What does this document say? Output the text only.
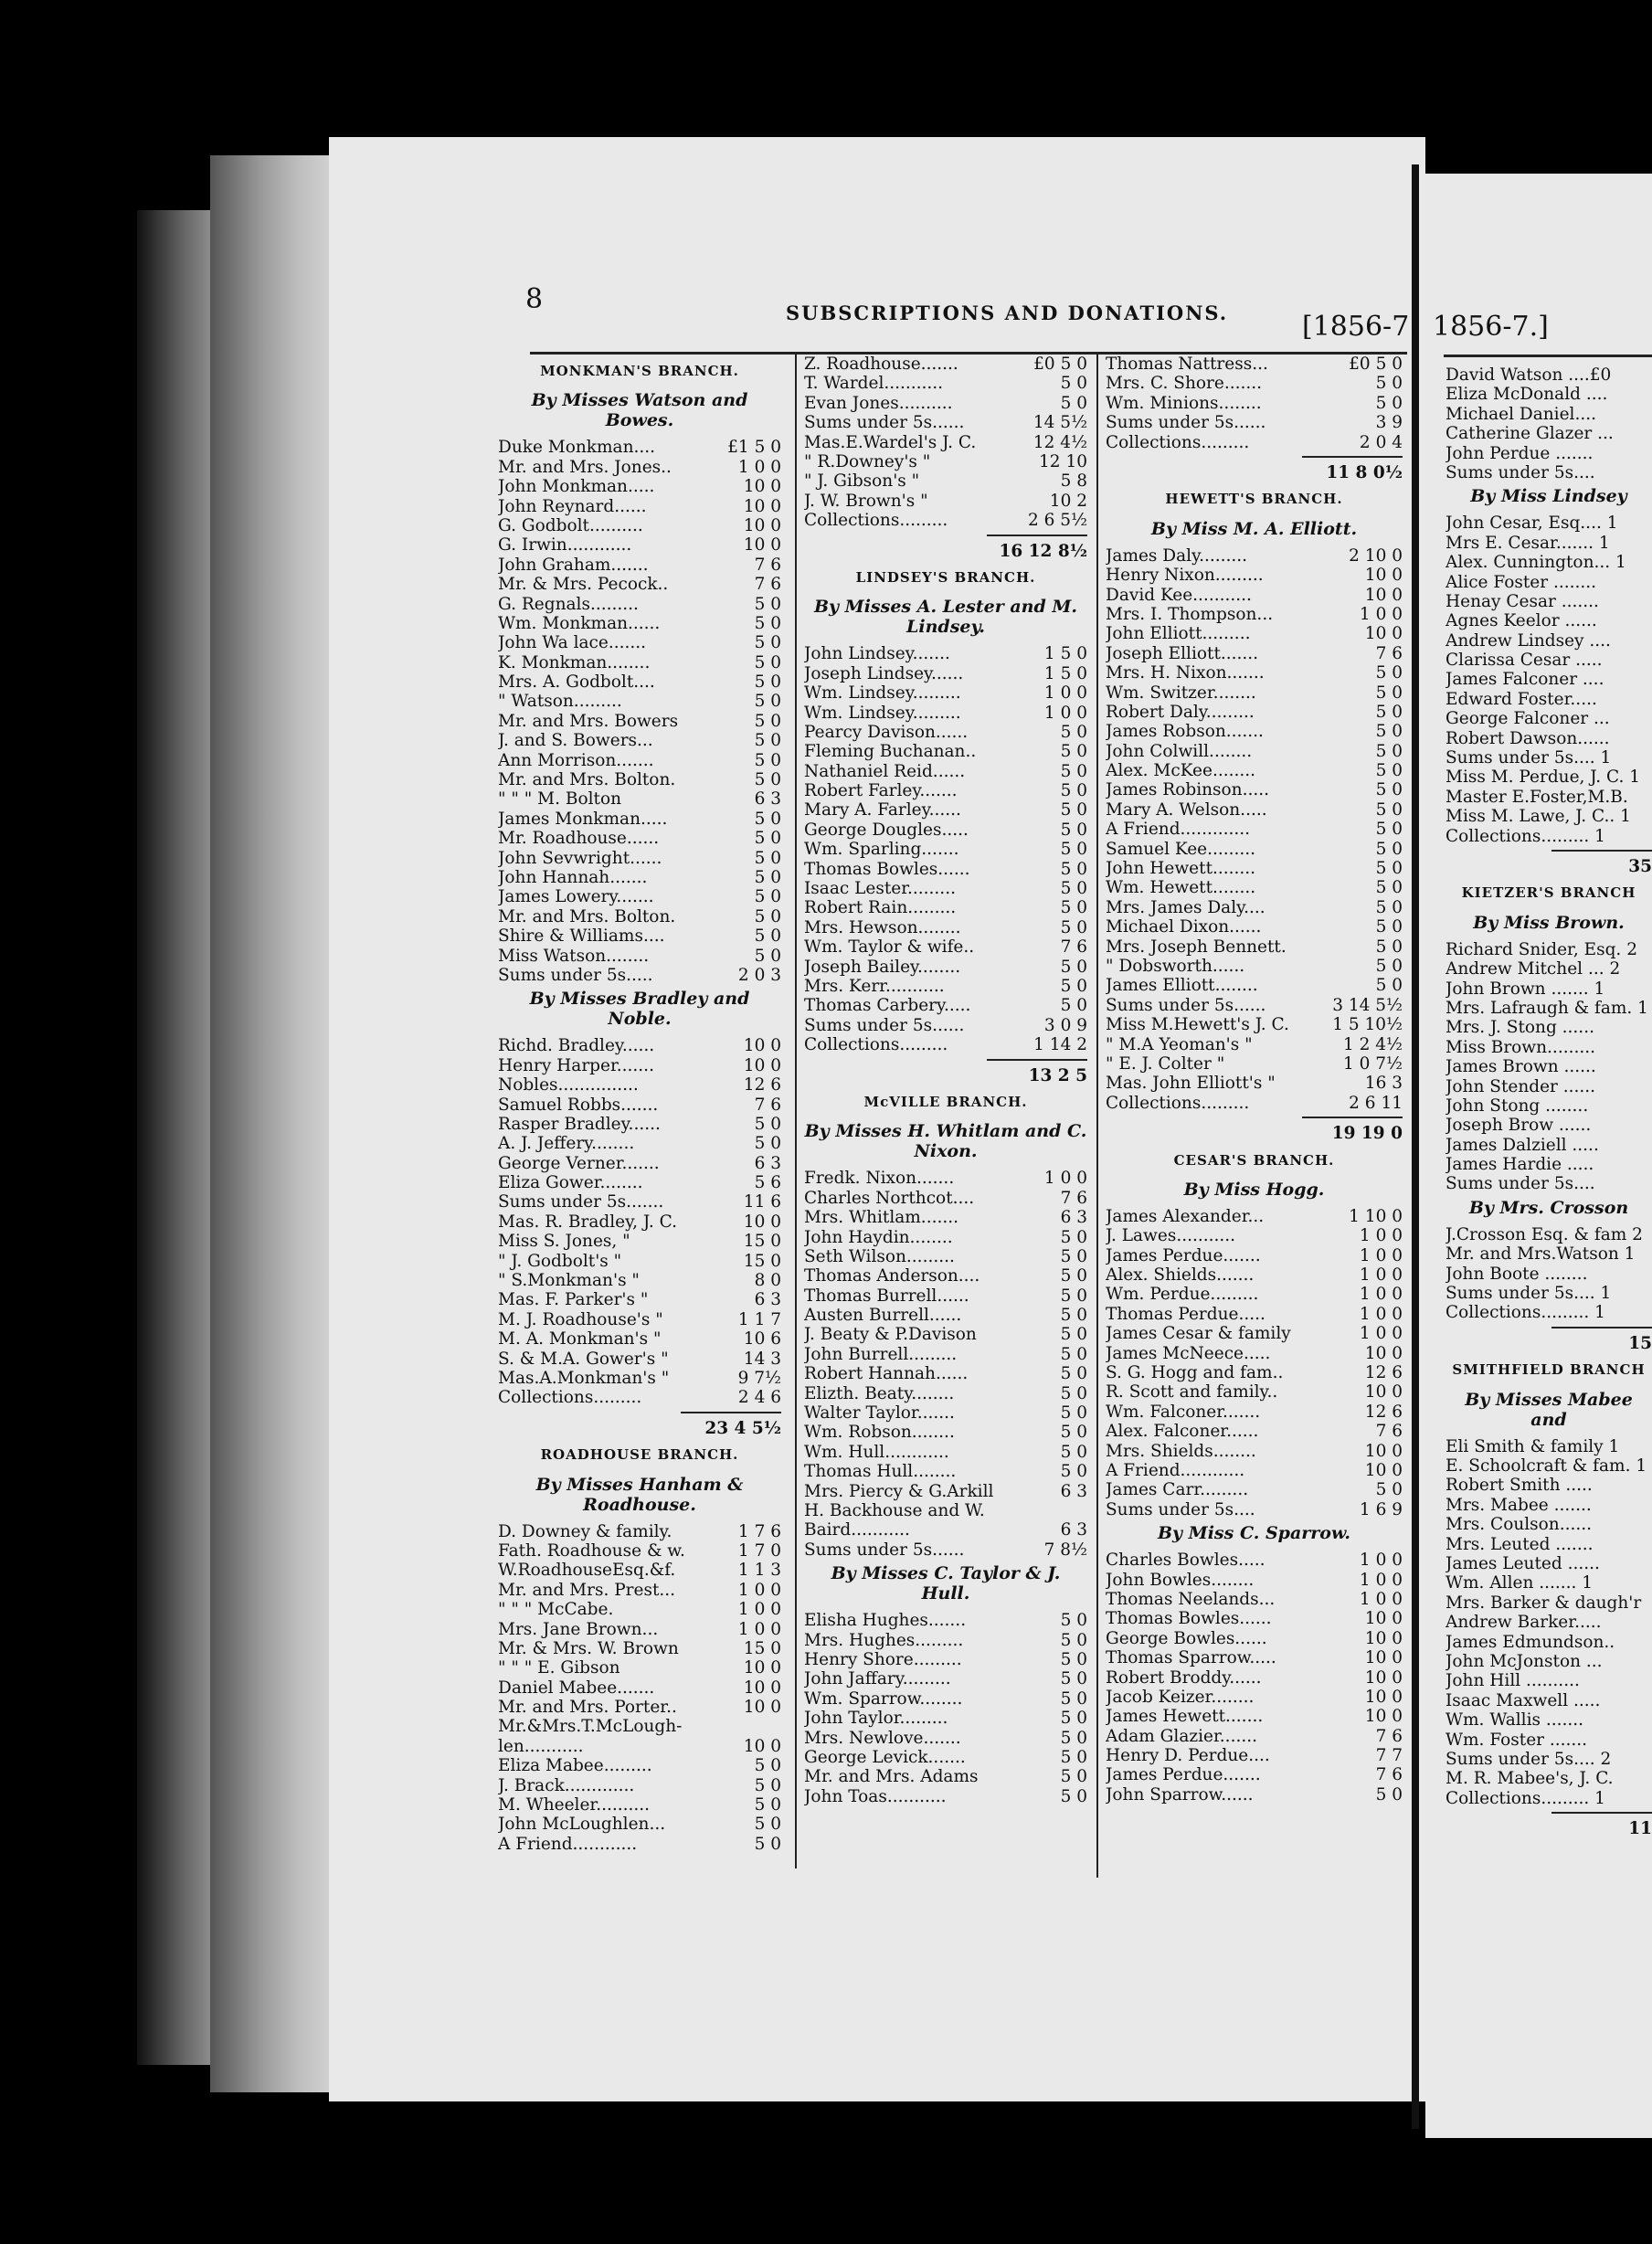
1856-7.]
8	SUBSCRIPTIONS AND DONATIONS.	[1856-7.
MONKMAN'S BRANCH.
By Misses Watson and Bowes.
Duke Monkman....	£1 5 0
Mr. and Mrs. Jones..	1 0 0
John Monkman.....	10 0
John Reynard......	10 0
G. Godbolt..........	10 0
G. Irwin............	10 0
John Graham.......	7 6
Mr. & Mrs. Pecock..	7 6
G. Regnals.........	5 0
Wm. Monkman......	5 0
John Wa lace.......	5 0
K. Monkman........	5 0
Mrs. A. Godbolt....	5 0
" Watson.........	5 0
Mr. and Mrs. Bowers	5 0
J. and S. Bowers...	5 0
Ann Morrison.......	5 0
Mr. and Mrs. Bolton.	5 0
" " " M. Bolton	6 3
James Monkman.....	5 0
Mr. Roadhouse......	5 0
John Sevwright......	5 0
John Hannah.......	5 0
James Lowery.......	5 0
Mr. and Mrs. Bolton.	5 0
Shire & Williams....	5 0
Miss Watson........	5 0
Sums under 5s.....	2 0 3
By Misses Bradley and Noble.
Richd. Bradley......	10 0
Henry Harper.......	10 0
Nobles...............	12 6
Samuel Robbs.......	7 6
Rasper Bradley......	5 0
A. J. Jeffery........	5 0
George Verner.......	6 3
Eliza Gower........	5 6
Sums under 5s.......	11 6
Mas. R. Bradley, J. C.	10 0
Miss S. Jones, "	15 0
" J. Godbolt's "	15 0
" S.Monkman's "	8 0
Mas. F. Parker's "	6 3
M. J. Roadhouse's "	1 1 7
M. A. Monkman's "	10 6
S. & M.A. Gower's "	14 3
Mas.A.Monkman's "	9 7½
Collections.........	2 4 6
23 4 5½
ROADHOUSE BRANCH.
By Misses Hanham & Roadhouse.
D. Downey & family.	1 7 6
Fath. Roadhouse & w.	1 7 0
W.RoadhouseEsq.&f.	1 1 3
Mr. and Mrs. Prest...	1 0 0
" " " McCabe.	1 0 0
Mrs. Jane Brown...	1 0 0
Mr. & Mrs. W. Brown	15 0
" " " E. Gibson	10 0
Daniel Mabee.......	10 0
Mr. and Mrs. Porter..	10 0
Mr.&Mrs.T.McLough-
len...........	10 0
Eliza Mabee.........	5 0
J. Brack.............	5 0
M. Wheeler..........	5 0
John McLoughlen...	5 0
A Friend............	5 0
Z. Roadhouse.......	£0 5 0
T. Wardel...........	5 0
Evan Jones..........	5 0
Sums under 5s......	14 5½
Mas.E.Wardel's J. C.	12 4½
" R.Downey's "	12 10
" J. Gibson's "	5 8
J. W. Brown's "	10 2
Collections.........	2 6 5½
16 12 8½
LINDSEY'S BRANCH.
By Misses A. Lester and M. Lindsey.
John Lindsey.......	1 5 0
Joseph Lindsey......	1 5 0
Wm. Lindsey.........	1 0 0
Wm. Lindsey.........	1 0 0
Pearcy Davison......	5 0
Fleming Buchanan..	5 0
Nathaniel Reid......	5 0
Robert Farley.......	5 0
Mary A. Farley......	5 0
George Dougles.....	5 0
Wm. Sparling.......	5 0
Thomas Bowles......	5 0
Isaac Lester.........	5 0
Robert Rain.........	5 0
Mrs. Hewson........	5 0
Wm. Taylor & wife..	7 6
Joseph Bailey........	5 0
Mrs. Kerr...........	5 0
Thomas Carbery.....	5 0
Sums under 5s......	3 0 9
Collections.........	1 14 2
13 2 5
McVILLE BRANCH.
By Misses H. Whitlam and C. Nixon.
Fredk. Nixon.......	1 0 0
Charles Northcot....	7 6
Mrs. Whitlam.......	6 3
John Haydin........	5 0
Seth Wilson.........	5 0
Thomas Anderson....	5 0
Thomas Burrell......	5 0
Austen Burrell......	5 0
J. Beaty & P.Davison	5 0
John Burrell.........	5 0
Robert Hannah......	5 0
Elizth. Beaty........	5 0
Walter Taylor.......	5 0
Wm. Robson........	5 0
Wm. Hull............	5 0
Thomas Hull........	5 0
Mrs. Piercy & G.Arkill	6 3
H. Backhouse and W.
Baird...........	6 3
Sums under 5s......	7 8½
By Misses C. Taylor & J. Hull.
Elisha Hughes.......	5 0
Mrs. Hughes.........	5 0
Henry Shore.........	5 0
John Jaffary.........	5 0
Wm. Sparrow........	5 0
John Taylor.........	5 0
Mrs. Newlove.......	5 0
George Levick.......	5 0
Mr. and Mrs. Adams	5 0
John Toas...........	5 0
Thomas Nattress...	£0 5 0
Mrs. C. Shore.......	5 0
Wm. Minions........	5 0
Sums under 5s......	3 9
Collections.........	2 0 4
11 8 0½
HEWETT'S BRANCH.
By Miss M. A. Elliott.
James Daly.........	2 10 0
Henry Nixon.........	10 0
David Kee...........	10 0
Mrs. I. Thompson...	1 0 0
John Elliott.........	10 0
Joseph Elliott.......	7 6
Mrs. H. Nixon.......	5 0
Wm. Switzer........	5 0
Robert Daly.........	5 0
James Robson.......	5 0
John Colwill........	5 0
Alex. McKee........	5 0
James Robinson.....	5 0
Mary A. Welson.....	5 0
A Friend.............	5 0
Samuel Kee.........	5 0
John Hewett........	5 0
Wm. Hewett........	5 0
Mrs. James Daly....	5 0
Michael Dixon......	5 0
Mrs. Joseph Bennett.	5 0
" Dobsworth......	5 0
James Elliott........	5 0
Sums under 5s......	3 14 5½
Miss M.Hewett's J. C.	1 5 10½
" M.A Yeoman's "	1 2 4½
" E. J. Colter "	1 0 7½
Mas. John Elliott's "	16 3
Collections.........	2 6 11
19 19 0
CESAR'S BRANCH.
By Miss Hogg.
James Alexander...	1 10 0
J. Lawes...........	1 0 0
James Perdue.......	1 0 0
Alex. Shields.......	1 0 0
Wm. Perdue.........	1 0 0
Thomas Perdue.....	1 0 0
James Cesar & family	1 0 0
James McNeece.....	10 0
S. G. Hogg and fam..	12 6
R. Scott and family..	10 0
Wm. Falconer.......	12 6
Alex. Falconer......	7 6
Mrs. Shields........	10 0
A Friend............	10 0
James Carr.........	5 0
Sums under 5s....	1 6 9
By Miss C. Sparrow.
Charles Bowles.....	1 0 0
John Bowles........	1 0 0
Thomas Neelands...	1 0 0
Thomas Bowles......	10 0
George Bowles......	10 0
Thomas Sparrow.....	10 0
Robert Broddy......	10 0
Jacob Keizer........	10 0
James Hewett.......	10 0
Adam Glazier.......	7 6
Henry D. Perdue....	7 7
James Perdue.......	7 6
John Sparrow......	5 0
David Watson ....£0
Eliza McDonald ....
Michael Daniel....
Catherine Glazer ...
John Perdue .......
Sums under 5s....
By Miss Lindsey
John Cesar, Esq.... 1
Mrs E. Cesar....... 1
Alex. Cunnington... 1
Alice Foster ........
Henay Cesar .......
Agnes Keelor ......
Andrew Lindsey ....
Clarissa Cesar .....
James Falconer ....
Edward Foster.....
George Falconer ...
Robert Dawson......
Sums under 5s.... 1
Miss M. Perdue, J. C. 1
Master E.Foster,M.B.
Miss M. Lawe, J. C.. 1
Collections......... 1
35
KIETZER'S BRANCH
By Miss Brown.
Richard Snider, Esq. 2
Andrew Mitchel ... 2
John Brown ....... 1
Mrs. Lafraugh & fam. 1
Mrs. J. Stong ......
Miss Brown.........
James Brown ......
John Stender ......
John Stong ........
Joseph Brow ......
James Dalziell .....
James Hardie .....
Sums under 5s....
By Mrs. Crosson
J.Crosson Esq. & fam 2
Mr. and Mrs.Watson 1
John Boote ........
Sums under 5s.... 1
Collections......... 1
15
SMITHFIELD BRANCH
By Misses Mabee and
Eli Smith & family 1
E. Schoolcraft & fam. 1
Robert Smith .....
Mrs. Mabee .......
Mrs. Coulson......
Mrs. Leuted .......
James Leuted ......
Wm. Allen ....... 1
Mrs. Barker & daugh'r
Andrew Barker.....
James Edmundson..
John McJonston ...
John Hill ..........
Isaac Maxwell .....
Wm. Wallis .......
Wm. Foster .......
Sums under 5s.... 2
M. R. Mabee's, J. C.
Collections......... 1
11
